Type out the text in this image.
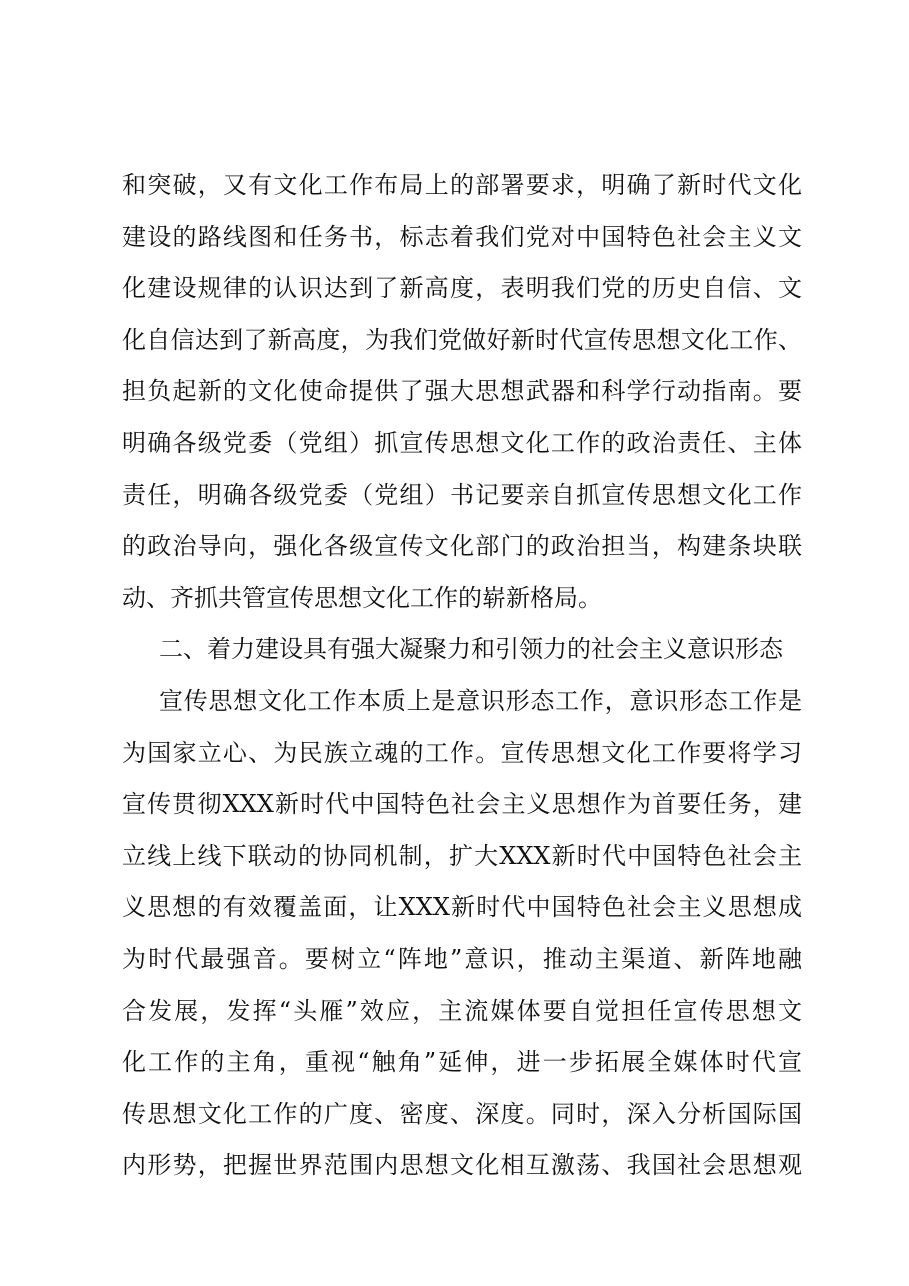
和突破，又有文化工作布局上的部署要求，明确了新时代文化
建设的路线图和任务书，标志着我们党对中国特色社会主义文
化建设规律的认识达到了新高度，表明我们党的历史自信、文
化自信达到了新高度，为我们党做好新时代宣传思想文化工作、
担负起新的文化使命提供了强大思想武器和科学行动指南。要
明确各级党委（党组）抓宣传思想文化工作的政治责任、主体
责任，明确各级党委（党组）书记要亲自抓宣传思想文化工作
的政治导向，强化各级宣传文化部门的政治担当，构建条块联
动、齐抓共管宣传思想文化工作的崭新格局。
二、着力建设具有强大凝聚力和引领力的社会主义意识形态
宣传思想文化工作本质上是意识形态工作，意识形态工作是
为国家立心、为民族立魂的工作。宣传思想文化工作要将学习
宣传贯彻XXX新时代中国特色社会主义思想作为首要任务，建
立线上线下联动的协同机制，扩大XXX新时代中国特色社会主
义思想的有效覆盖面，让XXX新时代中国特色社会主义思想成
为时代最强音。要树立“阵地”意识，推动主渠道、新阵地融
合发展，发挥“头雁”效应，主流媒体要自觉担任宣传思想文
化工作的主角，重视“触角”延伸，进一步拓展全媒体时代宣
传思想文化工作的广度、密度、深度。同时，深入分析国际国
内形势，把握世界范围内思想文化相互激荡、我国社会思想观
